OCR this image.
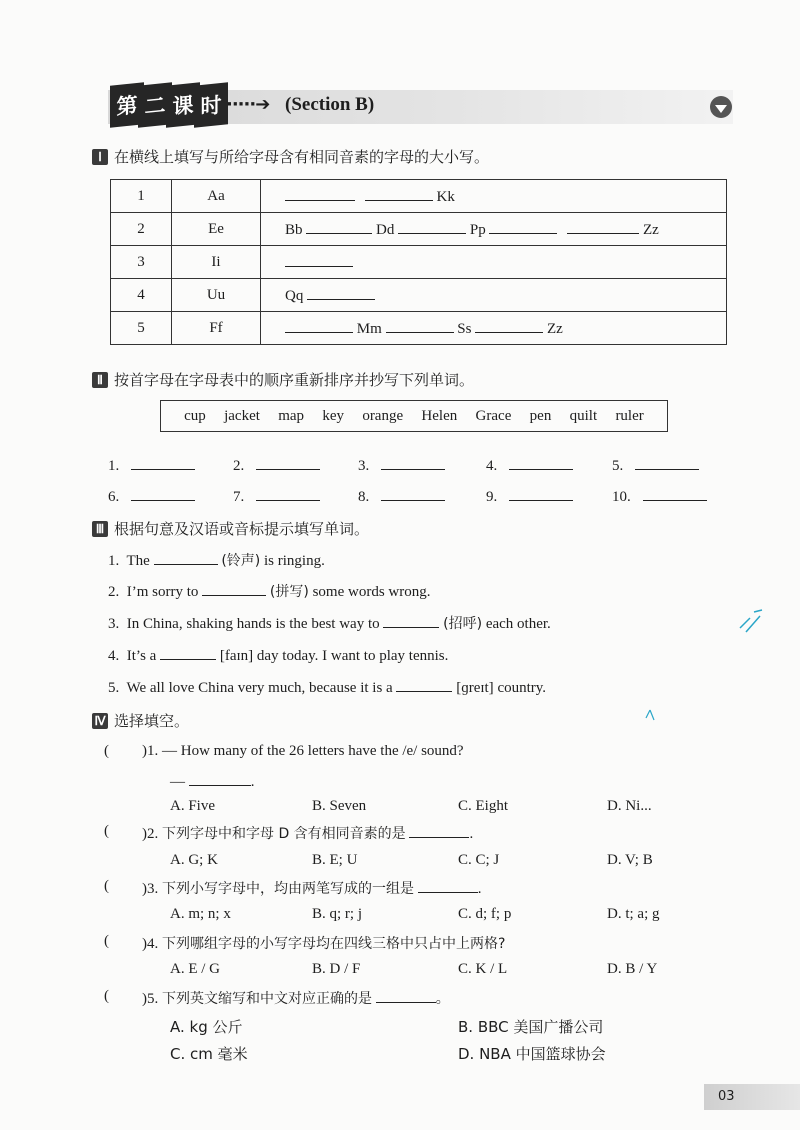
第 二 课 时 ·····➔ (Section B)
Ⅰ 在横线上填写与所给字母含有相同音素的字母的大小写。
1	Aa	Kk
2	Ee	Bb Dd Pp Zz
3	Ii	
4	Uu	Qq
5	Ff	Mm Ss Zz
Ⅱ 按首字母在字母表中的顺序重新排序并抄写下列单词。
cup jacket map key orange Helen Grace pen quilt ruler
1.	2.	3.	4.	5.
6.	7.	8.	9.	10.
Ⅲ 根据句意及汉语或音标提示填写单词。
1. The	(铃声) is ringing.
2. I’m sorry to	(拼写) some words wrong.
3. In China, shaking hands is the best way to	(招呼) each other.
4. It’s a	[faɪn] day today. I want to play tennis.
5. We all love China very much, because it is a	[ɡreɪt] country.
Ⅳ 选择填空。
( )1. — How many of the 26 letters have the /e/ sound?
—	.
A. Five	B. Seven	C. Eight	D. Ni...
( )2. 下列字母中和字母 D 含有相同音素的是	.
A. G; K	B. E; U	C. C; J	D. V; B
( )3. 下列小写字母中，均由两笔写成的一组是	.
A. m; n; x	B. q; r; j	C. d; f; p	D. t; a; g
( )4. 下列哪组字母的小写字母均在四线三格中只占中上两格?
A. E / G	B. D / F	C. K / L	D. B / Y
( )5. 下列英文缩写和中文对应正确的是	。
A. kg 公斤	B. BBC 美国广播公司
C. cm 毫米	D. NBA 中国篮球协会
03
